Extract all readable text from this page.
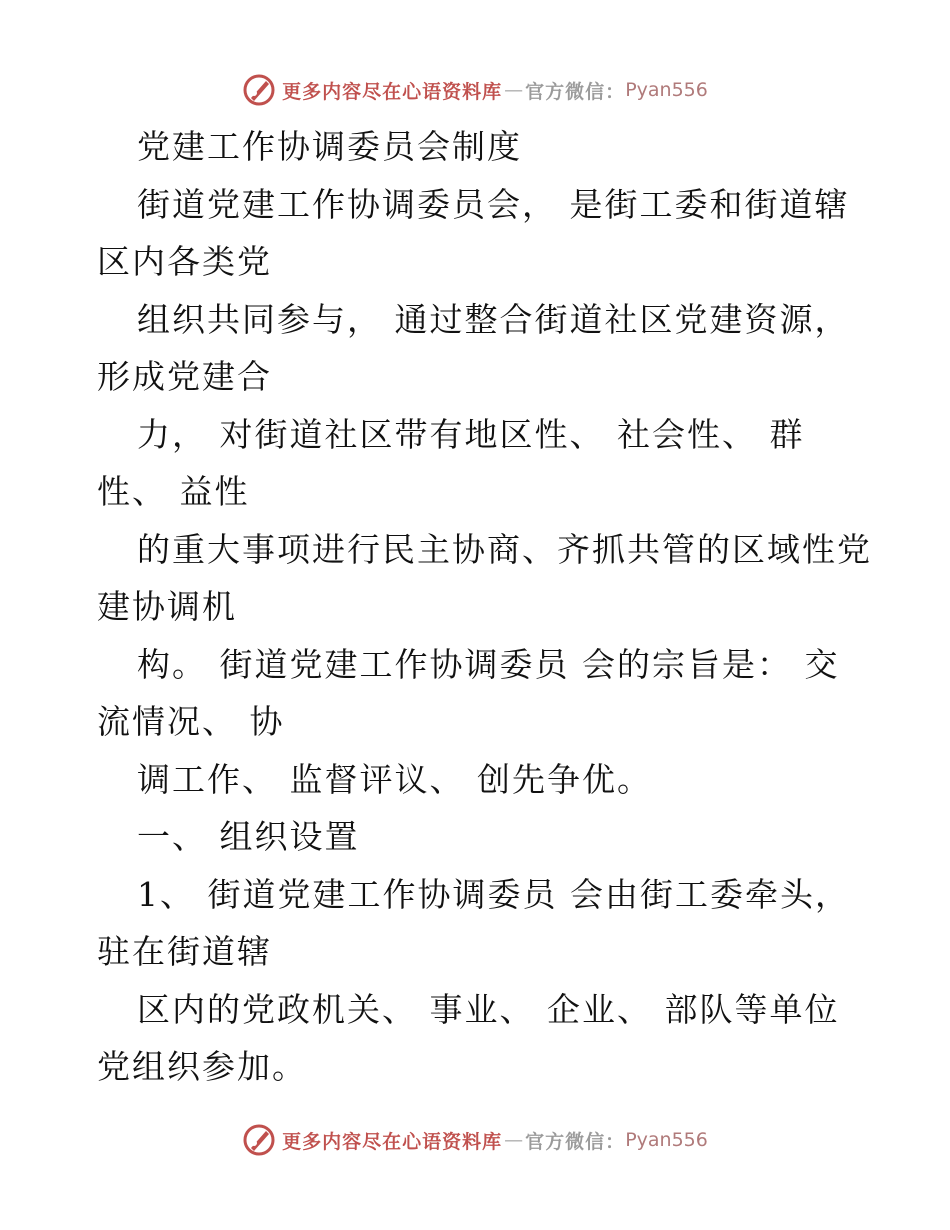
更多内容尽在心语资料库 — 官方微信： Pyan556
党建工作协调委员会制度
街道党建工作协调委员会， 是街工委和街道辖
区内各类党
组织共同参与， 通过整合街道社区党建资源，
形成党建合
力， 对街道社区带有地区性、 社会性、 群
性、 益性
的重大事项进行民主协商、齐抓共管的区域性党
建协调机
构。 街道党建工作协调委员 会的宗旨是： 交
流情况、 协
调工作、 监督评议、 创先争优。
一、 组织设置
1、 街道党建工作协调委员 会由街工委牵头，
驻在街道辖
区内的党政机关、 事业、 企业、 部队等单位
党组织参加。
更多内容尽在心语资料库 — 官方微信： Pyan556
